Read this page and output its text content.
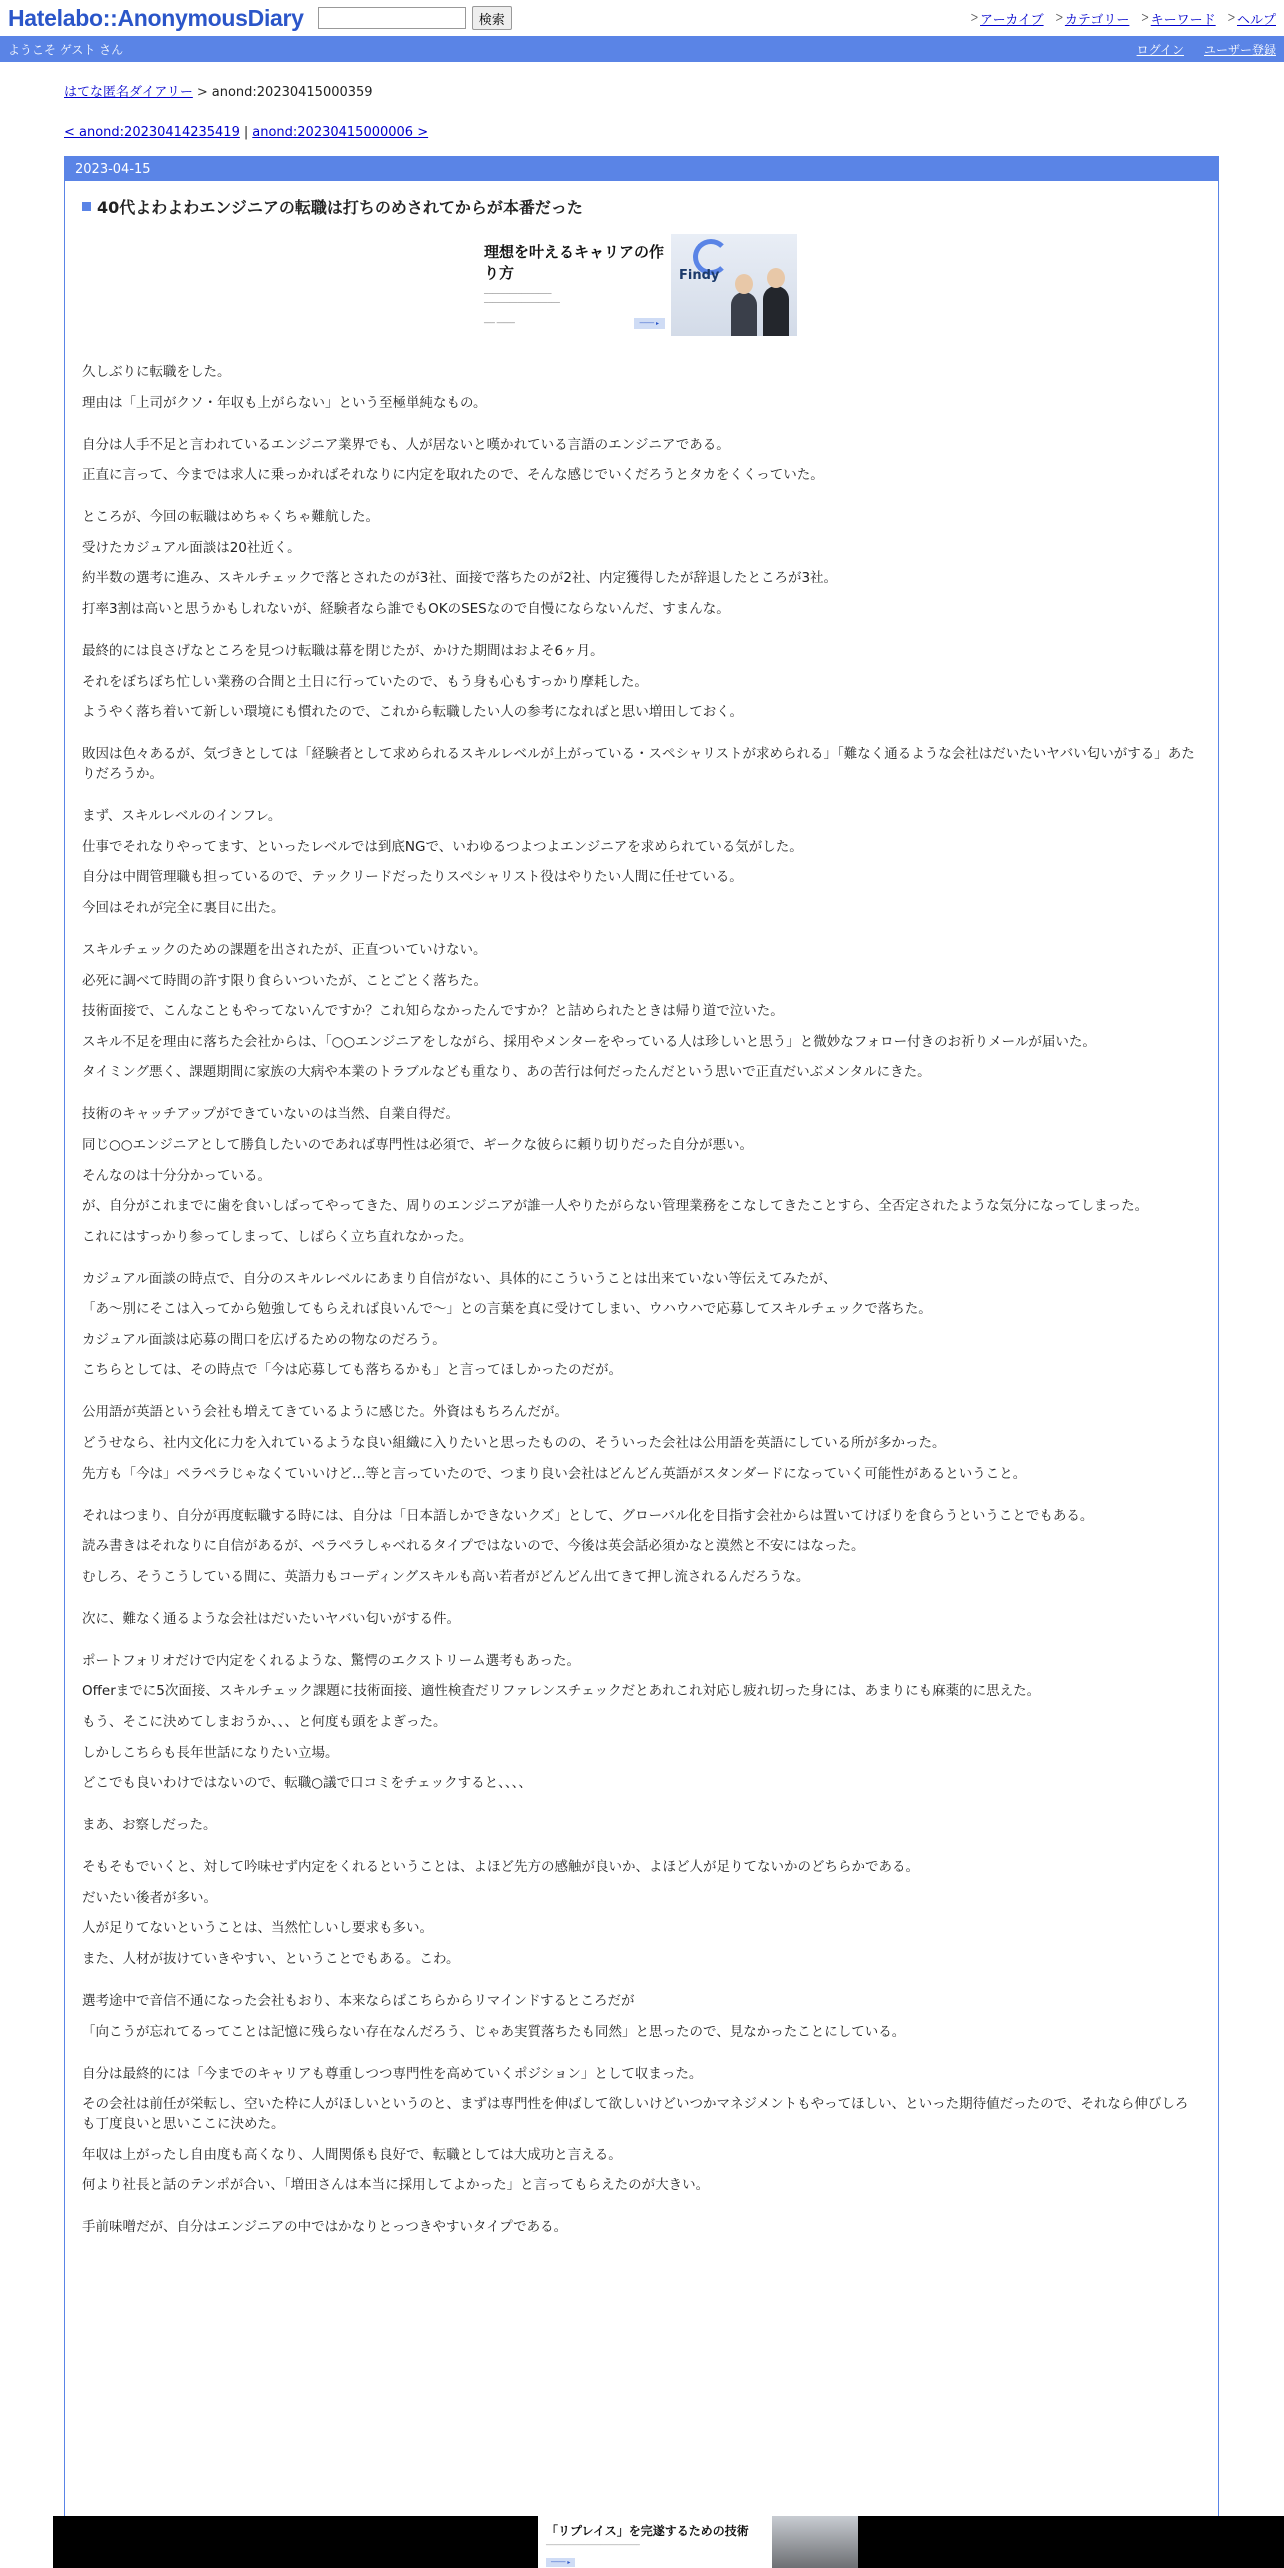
Hatelabo::AnonymousDiary	検索	ᐳ アーカイブ ᐳ カテゴリー ᐳ キーワード ᐳ ヘルプ
ようこそ ゲスト さん	ログイン ユーザー登録
はてな匿名ダイアリー > anond:20230415000359
< anond:20230414235419 | anond:20230415000006 >
2023-04-15
40代よわよわエンジニアの転職は打ちのめされてからが本番だった
理想を叶えるキャリアの作り方
────────────────
──────────────────
─── ─────	──── ▸
Findy

久しぶりに転職をした。

理由は「上司がクソ・年収も上がらない」という至極単純なもの。

自分は人手不足と言われているエンジニア業界でも、人が居ないと嘆かれている言語のエンジニアである。

正直に言って、今までは求人に乗っかればそれなりに内定を取れたので、そんな感じでいくだろうとタカをくくっていた。

ところが、今回の転職はめちゃくちゃ難航した。

受けたカジュアル面談は20社近く。

約半数の選考に進み、スキルチェックで落とされたのが3社、面接で落ちたのが2社、内定獲得したが辞退したところが3社。

打率3割は高いと思うかもしれないが、経験者なら誰でもOKのSESなので自慢にならないんだ、すまんな。

最終的には良さげなところを見つけ転職は幕を閉じたが、かけた期間はおよそ6ヶ月。

それをぼちぼち忙しい業務の合間と土日に行っていたので、もう身も心もすっかり摩耗した。

ようやく落ち着いて新しい環境にも慣れたので、これから転職したい人の参考になればと思い増田しておく。

敗因は色々あるが、気づきとしては「経験者として求められるスキルレベルが上がっている・スペシャリストが求められる」「難なく通るような会社はだいたいヤバい匂いがする」あたりだろうか。

まず、スキルレベルのインフレ。

仕事でそれなりやってます、といったレベルでは到底NGで、いわゆるつよつよエンジニアを求められている気がした。

自分は中間管理職も担っているので、テックリードだったりスペシャリスト役はやりたい人間に任せている。

今回はそれが完全に裏目に出た。

スキルチェックのための課題を出されたが、正直ついていけない。

必死に調べて時間の許す限り食らいついたが、ことごとく落ちた。

技術面接で、こんなこともやってないんですか？これ知らなかったんですか？と詰められたときは帰り道で泣いた。

スキル不足を理由に落ちた会社からは、「○○エンジニアをしながら、採用やメンターをやっている人は珍しいと思う」と微妙なフォロー付きのお祈りメールが届いた。

タイミング悪く、課題期間に家族の大病や本業のトラブルなども重なり、あの苦行は何だったんだという思いで正直だいぶメンタルにきた。

技術のキャッチアップができていないのは当然、自業自得だ。

同じ○○エンジニアとして勝負したいのであれば専門性は必須で、ギークな彼らに頼り切りだった自分が悪い。

そんなのは十分分かっている。

が、自分がこれまでに歯を食いしばってやってきた、周りのエンジニアが誰一人やりたがらない管理業務をこなしてきたことすら、全否定されたような気分になってしまった。

これにはすっかり参ってしまって、しばらく立ち直れなかった。

カジュアル面談の時点で、自分のスキルレベルにあまり自信がない、具体的にこういうことは出来ていない等伝えてみたが、

「あ〜別にそこは入ってから勉強してもらえれば良いんで〜」との言葉を真に受けてしまい、ウハウハで応募してスキルチェックで落ちた。

カジュアル面談は応募の間口を広げるための物なのだろう。

こちらとしては、その時点で「今は応募しても落ちるかも」と言ってほしかったのだが。

公用語が英語という会社も増えてきているように感じた。外資はもちろんだが。

どうせなら、社内文化に力を入れているような良い組織に入りたいと思ったものの、そういった会社は公用語を英語にしている所が多かった。

先方も「今は」ペラペラじゃなくていいけど…等と言っていたので、つまり良い会社はどんどん英語がスタンダードになっていく可能性があるということ。

それはつまり、自分が再度転職する時には、自分は「日本語しかできないクズ」として、グローバル化を目指す会社からは置いてけぼりを食らうということでもある。

読み書きはそれなりに自信があるが、ペラペラしゃべれるタイプではないので、今後は英会話必須かなと漠然と不安にはなった。

むしろ、そうこうしている間に、英語力もコーディングスキルも高い若者がどんどん出てきて押し流されるんだろうな。

次に、難なく通るような会社はだいたいヤバい匂いがする件。

ポートフォリオだけで内定をくれるような、驚愕のエクストリーム選考もあった。

Offerまでに5次面接、スキルチェック課題に技術面接、適性検査だリファレンスチェックだとあれこれ対応し疲れ切った身には、あまりにも麻薬的に思えた。

もう、そこに決めてしまおうか、、、と何度も頭をよぎった。

しかしこちらも長年世話になりたい立場。

どこでも良いわけではないので、転職○議で口コミをチェックすると、、、、

まあ、お察しだった。

そもそもでいくと、対して吟味せず内定をくれるということは、よほど先方の感触が良いか、よほど人が足りてないかのどちらかである。

だいたい後者が多い。

人が足りてないということは、当然忙しいし要求も多い。

また、人材が抜けていきやすい、ということでもある。こわ。

選考途中で音信不通になった会社もおり、本来ならばこちらからリマインドするところだが

「向こうが忘れてるってことは記憶に残らない存在なんだろう、じゃあ実質落ちたも同然」と思ったので、見なかったことにしている。

自分は最終的には「今までのキャリアも尊重しつつ専門性を高めていくポジション」として収まった。

その会社は前任が栄転し、空いた枠に人がほしいというのと、まずは専門性を伸ばして欲しいけどいつかマネジメントもやってほしい、といった期待値だったので、それなら伸びしろも丁度良いと思いここに決めた。

年収は上がったし自由度も高くなり、人間関係も良好で、転職としては大成功と言える。

何より社長と話のテンポが合い、「増田さんは本当に採用してよかった」と言ってもらえたのが大きい。

手前味噌だが、自分はエンジニアの中ではかなりとっつきやすいタイプである。

「リプレイス」を完遂するための技術
──────────────────────────
──── ▸
